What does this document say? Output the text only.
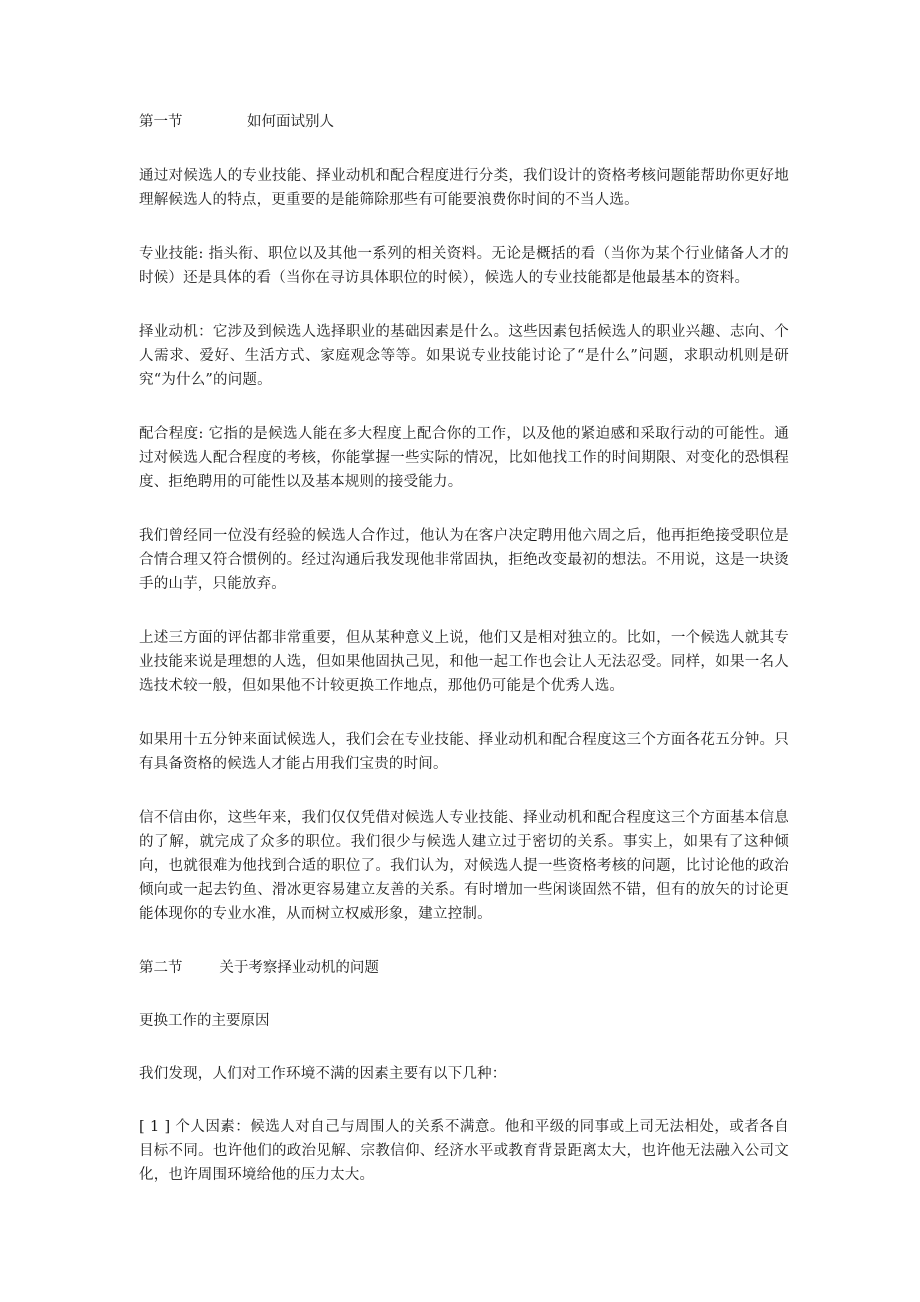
第一节              如何面试别人

通过对候选人的专业技能、择业动机和配合程度进行分类，我们设计的资格考核问题能帮助你更好地理解候选人的特点，更重要的是能筛除那些有可能要浪费你时间的不当人选。

专业技能: 指头衔、职位以及其他一系列的相关资料。无论是概括的看（当你为某个行业储备人才的时候）还是具体的看（当你在寻访具体职位的时候），候选人的专业技能都是他最基本的资料。

择业动机：它涉及到候选人选择职业的基础因素是什么。这些因素包括候选人的职业兴趣、志向、个人需求、爱好、生活方式、家庭观念等等。如果说专业技能讨论了“是什么”问题，求职动机则是研究“为什么”的问题。

配合程度: 它指的是候选人能在多大程度上配合你的工作，以及他的紧迫感和采取行动的可能性。通过对候选人配合程度的考核，你能掌握一些实际的情况，比如他找工作的时间期限、对变化的恐惧程度、拒绝聘用的可能性以及基本规则的接受能力。

我们曾经同一位没有经验的候选人合作过，他认为在客户决定聘用他六周之后，他再拒绝接受职位是合情合理又符合惯例的。经过沟通后我发现他非常固执，拒绝改变最初的想法。不用说，这是一块烫手的山芋，只能放弃。

上述三方面的评估都非常重要，但从某种意义上说，他们又是相对独立的。比如，一个候选人就其专业技能来说是理想的人选，但如果他固执己见，和他一起工作也会让人无法忍受。同样，如果一名人选技术较一般，但如果他不计较更换工作地点，那他仍可能是个优秀人选。

如果用十五分钟来面试候选人，我们会在专业技能、择业动机和配合程度这三个方面各花五分钟。只有具备资格的候选人才能占用我们宝贵的时间。

信不信由你，这些年来，我们仅仅凭借对候选人专业技能、择业动机和配合程度这三个方面基本信息的了解，就完成了众多的职位。我们很少与候选人建立过于密切的关系。事实上，如果有了这种倾向，也就很难为他找到合适的职位了。我们认为，对候选人提一些资格考核的问题，比讨论他的政治倾向或一起去钓鱼、滑冰更容易建立友善的关系。有时增加一些闲谈固然不错，但有的放矢的讨论更能体现你的专业水准，从而树立权威形象，建立控制。

第二节        关于考察择业动机的问题

更换工作的主要原因

我们发现，人们对工作环境不满的因素主要有以下几种：

[ 1 ] 个人因素：候选人对自己与周围人的关系不满意。他和平级的同事或上司无法相处，或者各自目标不同。也许他们的政治见解、宗教信仰、经济水平或教育背景距离太大，也许他无法融入公司文化，也许周围环境给他的压力太大。
